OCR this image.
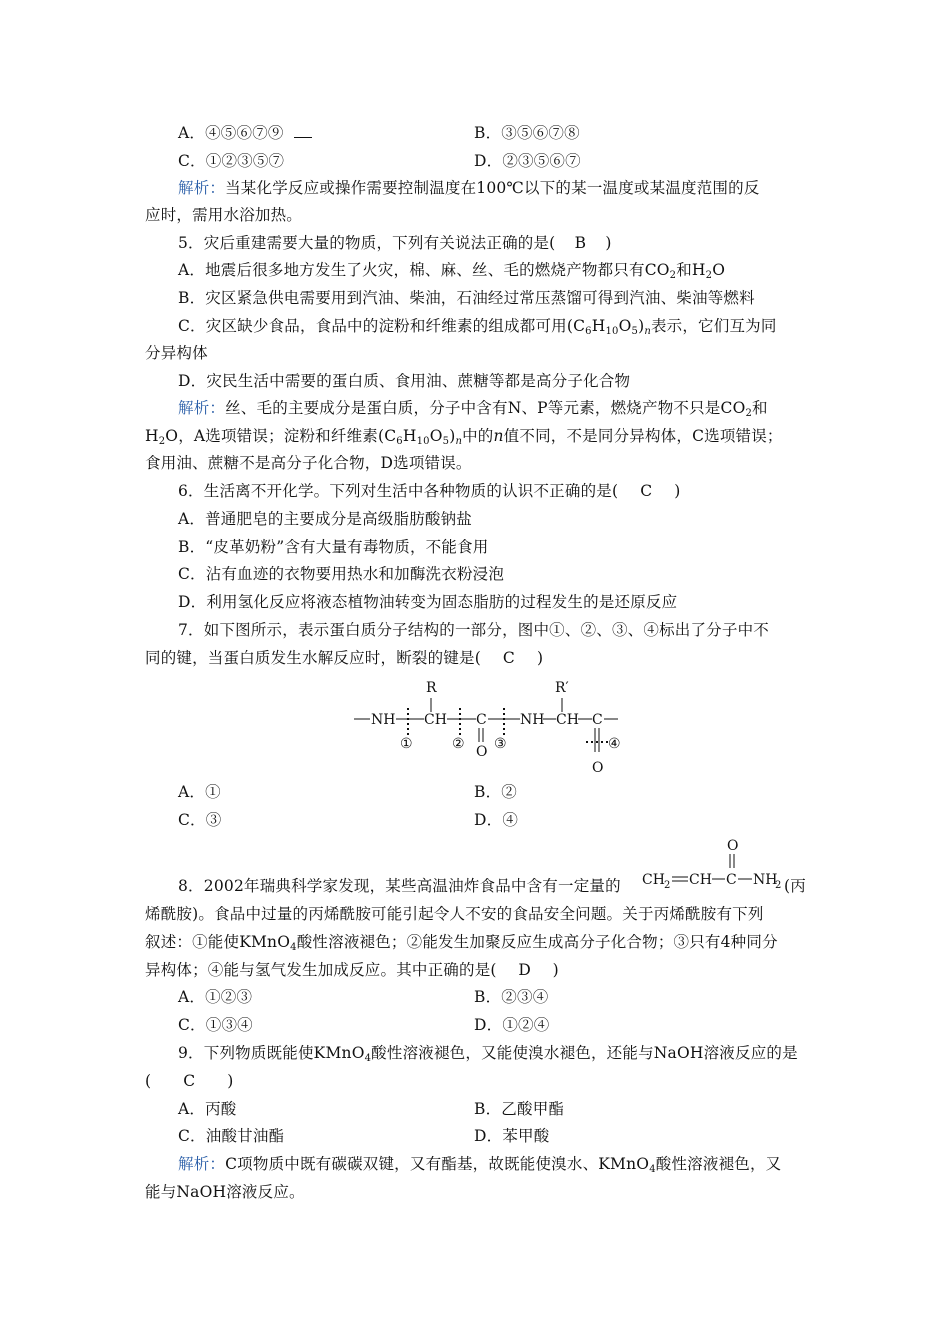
A．④⑤⑥⑦⑨	B．③⑤⑥⑦⑧
C．①②③⑤⑦	D．②③⑤⑥⑦
解析：当某化学反应或操作需要控制温度在100℃以下的某一温度或某温度范围的反
应时，需用水浴加热。
5．灾后重建需要大量的物质，下列有关说法正确的是( B )
A．地震后很多地方发生了火灾，棉、麻、丝、毛的燃烧产物都只有$CO_2$和$H_2O$
B．灾区紧急供电需要用到汽油、柴油，石油经过常压蒸馏可得到汽油、柴油等燃料
C．灾区缺少食品，食品中的淀粉和纤维素的组成都可用$(C_6H_{10}O_5)_n$表示，它们互为同
分异构体
D．灾民生活中需要的蛋白质、食用油、蔗糖等都是高分子化合物
解析：丝、毛的主要成分是蛋白质，分子中含有N、P等元素，燃烧产物不只是$CO_2$和
$H_2O$，A选项错误；淀粉和纤维素$(C_6H_{10}O_5)_n$中的n值不同，不是同分异构体，C选项错误；
食用油、蔗糖不是高分子化合物，D选项错误。
6．生活离不开化学。下列对生活中各种物质的认识不正确的是( C )
A．普通肥皂的主要成分是高级脂肪酸钠盐
B．“皮革奶粉”含有大量有毒物质，不能食用
C．沾有血迹的衣物要用热水和加酶洗衣粉浸泡
D．利用氢化反应将液态植物油转变为固态脂肪的过程发生的是还原反应
7．如下图所示，表示蛋白质分子结构的一部分，图中①、②、③、④标出了分子中不
同的键，当蛋白质发生水解反应时，断裂的键是( C )
R	R′
NH CH C NH CH C
O
O
①	② ③	④
A．①	B．②
C．③	D．④
8．2002年瑞典科学家发现，某些高温油炸食品中含有一定量的
O
CH 2 CH C NH
2 (丙
烯酰胺)。食品中过量的丙烯酰胺可能引起令人不安的食品安全问题。关于丙烯酰胺有下列
叙述：①能使KMnO$_4$酸性溶液褪色；②能发生加聚反应生成高分子化合物；③只有4种同分
异构体；④能与氢气发生加成反应。其中正确的是( D )
A．①②③	B．②③④
C．①③④	D．①②④
9．下列物质既能使KMnO$_4$酸性溶液褪色，又能使溴水褪色，还能与NaOH溶液反应的是
( C )
A．丙酸	B．乙酸甲酯
C．油酸甘油酯	D．苯甲酸
解析：C项物质中既有碳碳双键，又有酯基，故既能使溴水、KMnO$_4$酸性溶液褪色，又
能与NaOH溶液反应。
